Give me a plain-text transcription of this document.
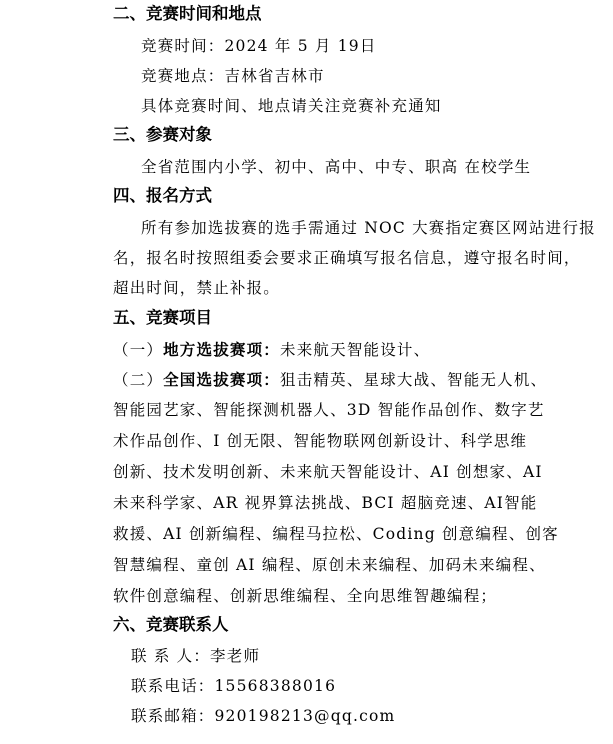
二、竞赛时间和地点
竞赛时间：2024 年 5 月 19日
竞赛地点：吉林省吉林市
具体竞赛时间、地点请关注竞赛补充通知
三、参赛对象
全省范围内小学、初中、高中、中专、职高 在校学生
四、报名方式
所有参加选拔赛的选手需通过 NOC 大赛指定赛区网站进行报
名，报名时按照组委会要求正确填写报名信息，遵守报名时间，
超出时间，禁止补报。
五、竞赛项目
（一）地方选拔赛项：未来航天智能设计、
（二）全国选拔赛项：狙击精英、星球大战、智能无人机、
智能园艺家、智能探测机器人、3D 智能作品创作、数字艺
术作品创作、I 创无限、智能物联网创新设计、科学思维
创新、技术发明创新、未来航天智能设计、AI 创想家、AI
未来科学家、AR 视界算法挑战、BCI 超脑竞速、AI智能
救援、AI 创新编程、编程马拉松、Coding 创意编程、创客
智慧编程、童创 AI 编程、原创未来编程、加码未来编程、
软件创意编程、创新思维编程、全向思维智趣编程；
六、竞赛联系人
联 系 人：李老师
联系电话：15568388016
联系邮箱：920198213@qq.com
